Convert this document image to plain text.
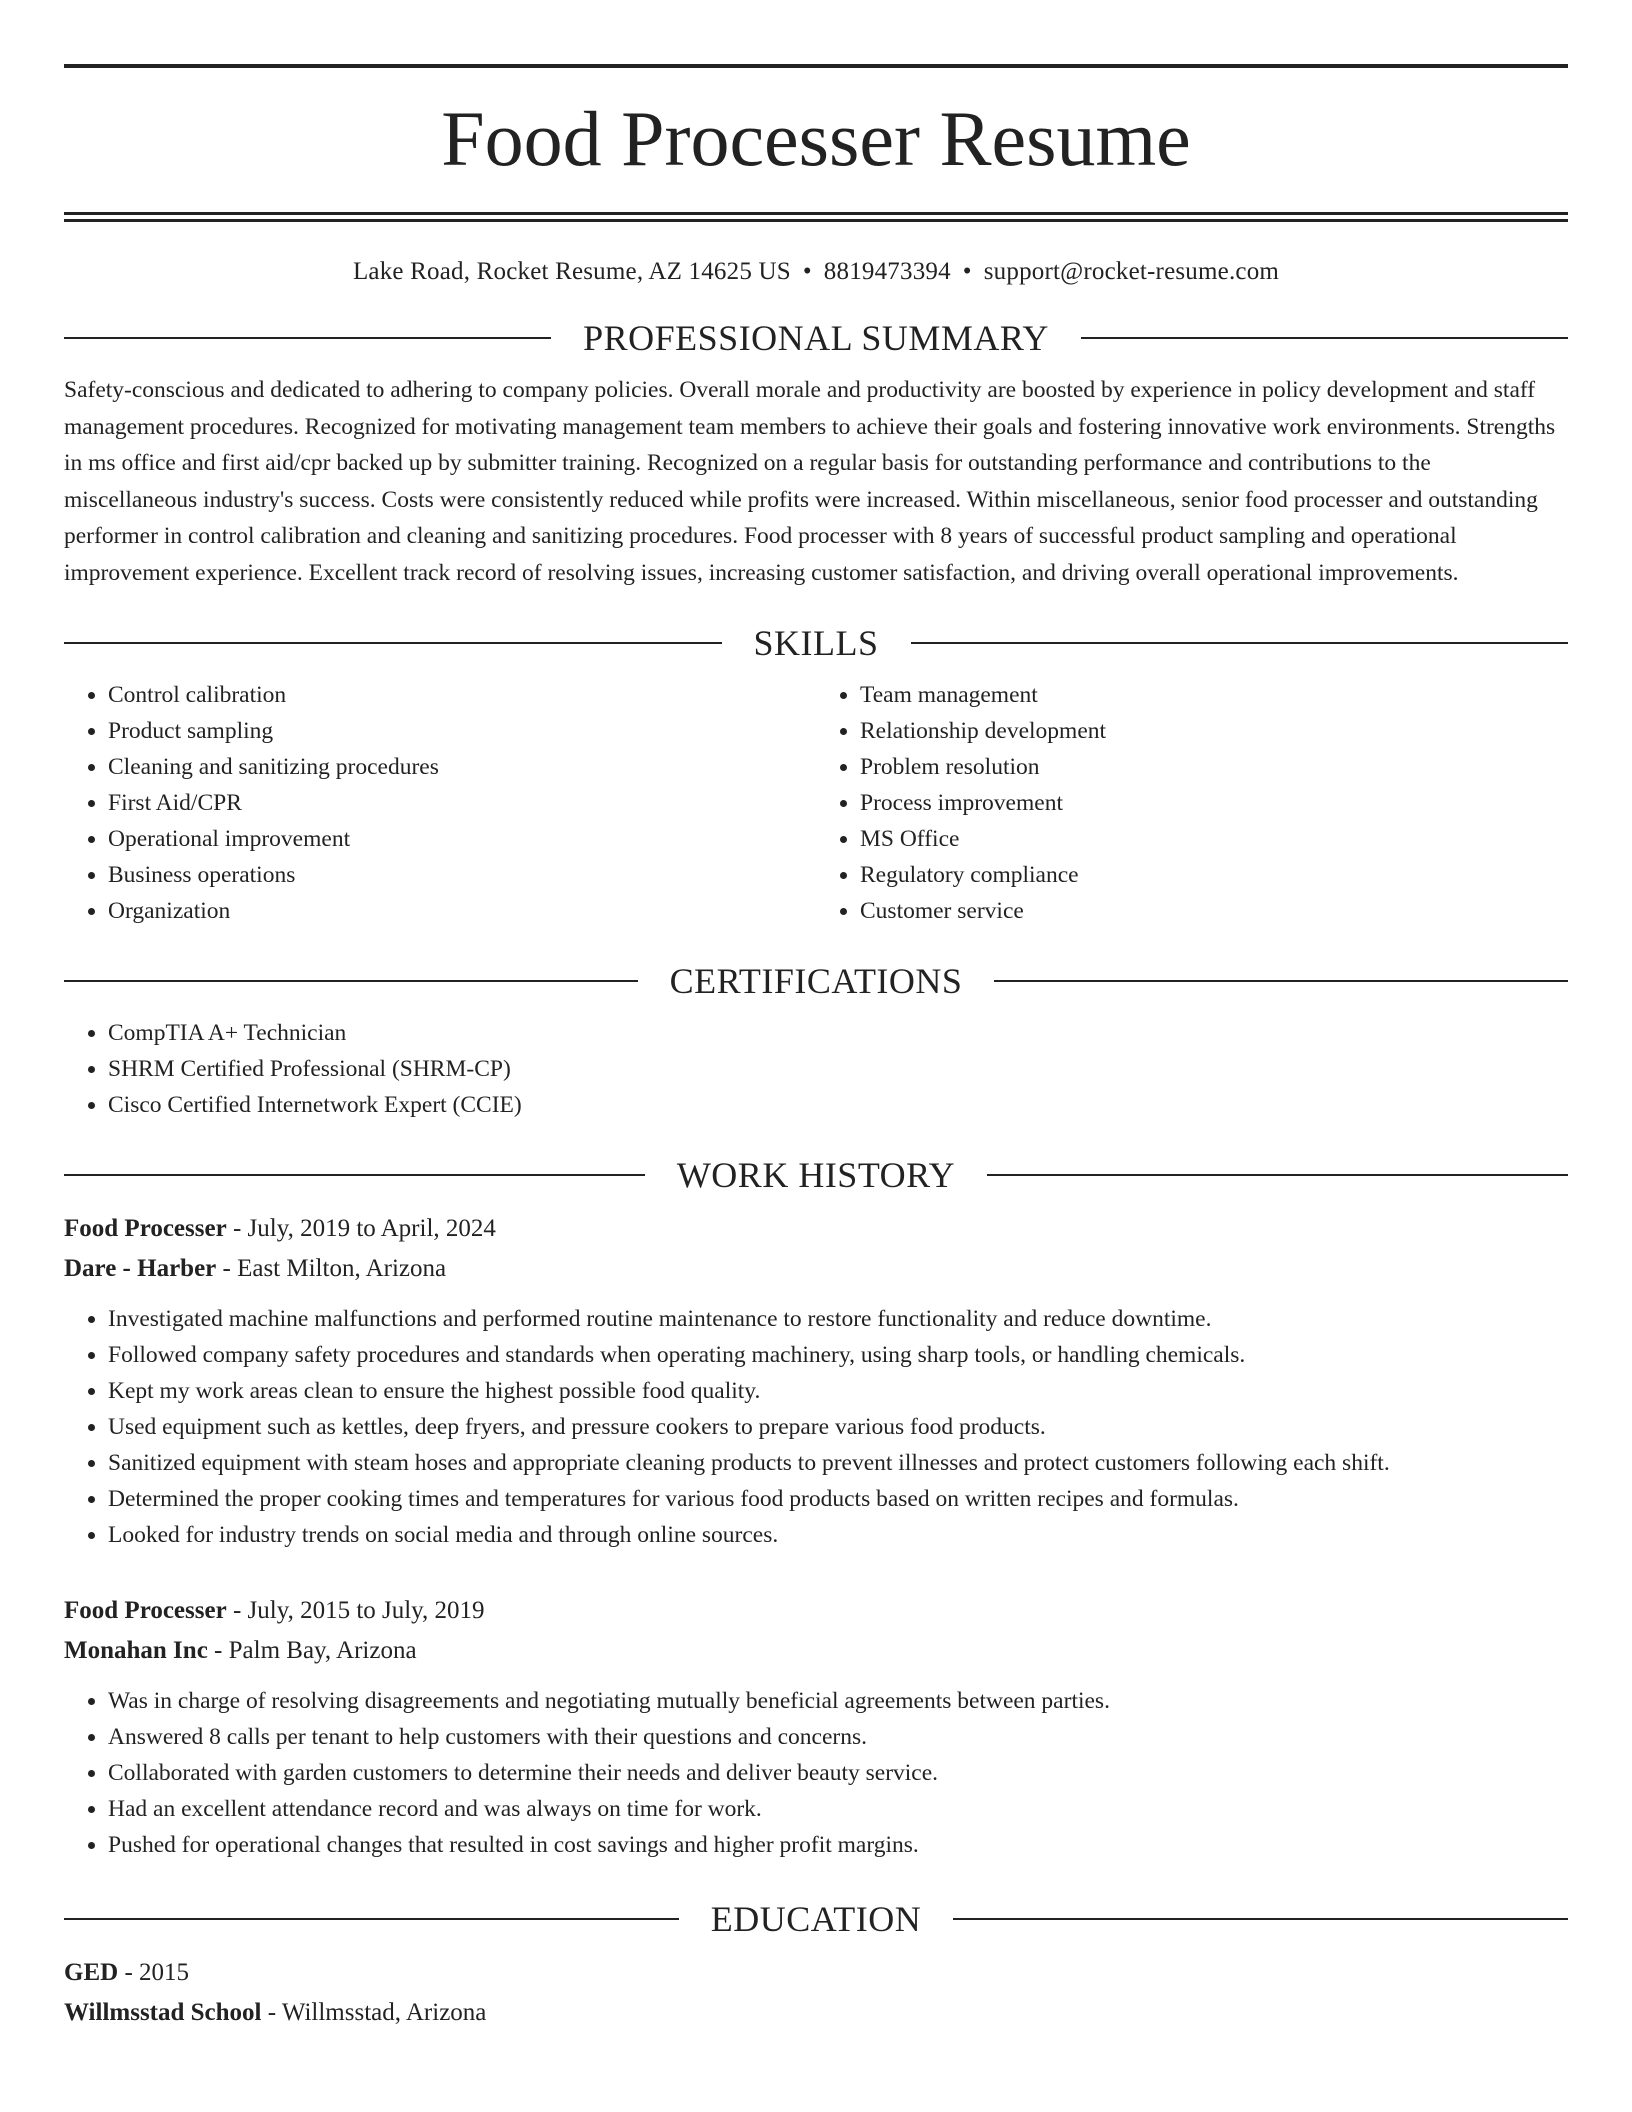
Food Processer Resume
Lake Road, Rocket Resume, AZ 14625 US • 8819473394 • support@rocket-resume.com
PROFESSIONAL SUMMARY

Safety-conscious and dedicated to adhering to company policies. Overall morale and productivity are boosted by experience in policy development and staff management procedures. Recognized for motivating management team members to achieve their goals and fostering innovative work environments. Strengths in ms office and first aid/cpr backed up by submitter training. Recognized on a regular basis for outstanding performance and contributions to the miscellaneous industry's success. Costs were consistently reduced while profits were increased. Within miscellaneous, senior food processer and outstanding performer in control calibration and cleaning and sanitizing procedures. Food processer with 8 years of successful product sampling and operational improvement experience. Excellent track record of resolving issues, increasing customer satisfaction, and driving overall operational improvements.

SKILLS
• Control calibration
• Product sampling
• Cleaning and sanitizing procedures
• First Aid/CPR
• Operational improvement
• Business operations
• Organization
• Team management
• Relationship development
• Problem resolution
• Process improvement
• MS Office
• Regulatory compliance
• Customer service
CERTIFICATIONS
• CompTIA A+ Technician
• SHRM Certified Professional (SHRM-CP)
• Cisco Certified Internetwork Expert (CCIE)
WORK HISTORY
Food Processer - July, 2019 to April, 2024
Dare - Harber - East Milton, Arizona
• Investigated machine malfunctions and performed routine maintenance to restore functionality and reduce downtime.
• Followed company safety procedures and standards when operating machinery, using sharp tools, or handling chemicals.
• Kept my work areas clean to ensure the highest possible food quality.
• Used equipment such as kettles, deep fryers, and pressure cookers to prepare various food products.
• Sanitized equipment with steam hoses and appropriate cleaning products to prevent illnesses and protect customers following each shift.
• Determined the proper cooking times and temperatures for various food products based on written recipes and formulas.
• Looked for industry trends on social media and through online sources.
Food Processer - July, 2015 to July, 2019
Monahan Inc - Palm Bay, Arizona
• Was in charge of resolving disagreements and negotiating mutually beneficial agreements between parties.
• Answered 8 calls per tenant to help customers with their questions and concerns.
• Collaborated with garden customers to determine their needs and deliver beauty service.
• Had an excellent attendance record and was always on time for work.
• Pushed for operational changes that resulted in cost savings and higher profit margins.
EDUCATION
GED - 2015
Willmsstad School - Willmsstad, Arizona
